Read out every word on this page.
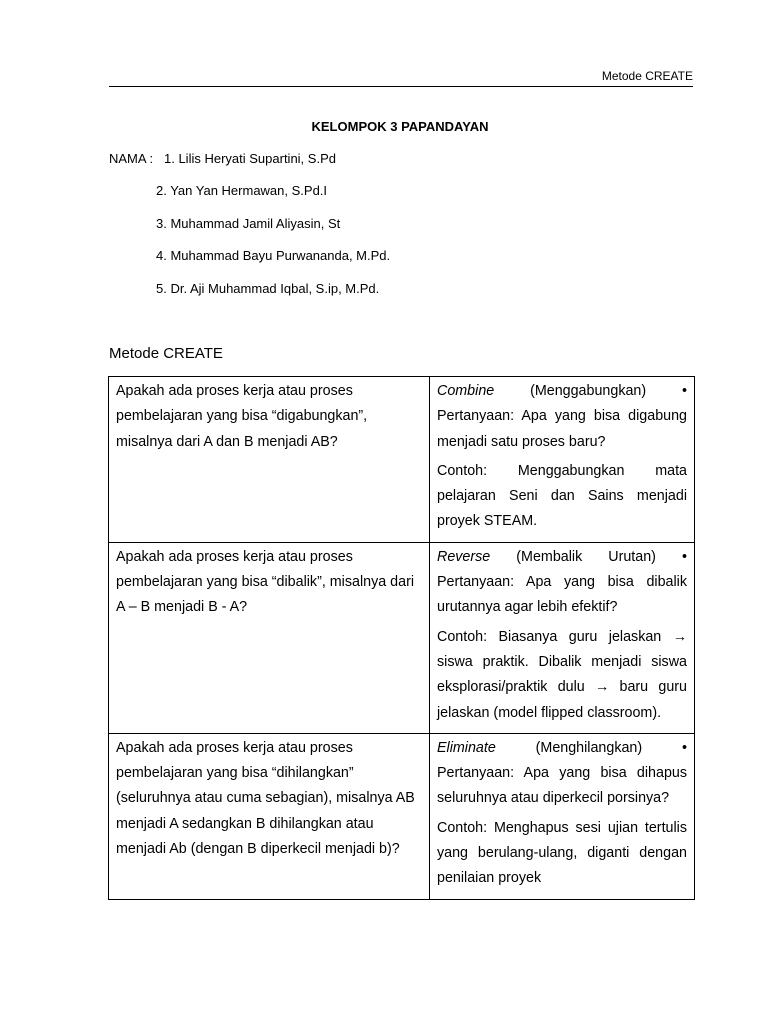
Metode CREATE
KELOMPOK 3 PAPANDAYAN
NAMA : 1. Lilis Heryati Supartini, S.Pd
2. Yan Yan Hermawan, S.Pd.I
3. Muhammad Jamil Aliyasin, St
4. Muhammad Bayu Purwananda, M.Pd.
5. Dr. Aji Muhammad Iqbal, S.ip, M.Pd.
Metode CREATE
Apakah ada proses kerja atau proses pembelajaran yang bisa “digabungkan”, misalnya dari A dan B menjadi AB?	Combine (Menggabungkan) • Pertanyaan: Apa yang bisa digabung menjadi satu proses baru?

Contoh: Menggabungkan mata pelajaran Seni dan Sains menjadi proyek STEAM.

Apakah ada proses kerja atau proses pembelajaran yang bisa “dibalik”, misalnya dari A – B menjadi B - A?	Reverse (Membalik Urutan) • Pertanyaan: Apa yang bisa dibalik urutannya agar lebih efektif?

Contoh: Biasanya guru jelaskan → siswa praktik. Dibalik menjadi siswa eksplorasi/praktik dulu → baru guru jelaskan (model flipped classroom).

Apakah ada proses kerja atau proses pembelajaran yang bisa “dihilangkan” (seluruhnya atau cuma sebagian), misalnya AB menjadi A sedangkan B dihilangkan atau menjadi Ab (dengan B diperkecil menjadi b)?	Eliminate (Menghilangkan) • Pertanyaan: Apa yang bisa dihapus seluruhnya atau diperkecil porsinya?

Contoh: Menghapus sesi ujian tertulis yang berulang-ulang, diganti dengan penilaian proyek
